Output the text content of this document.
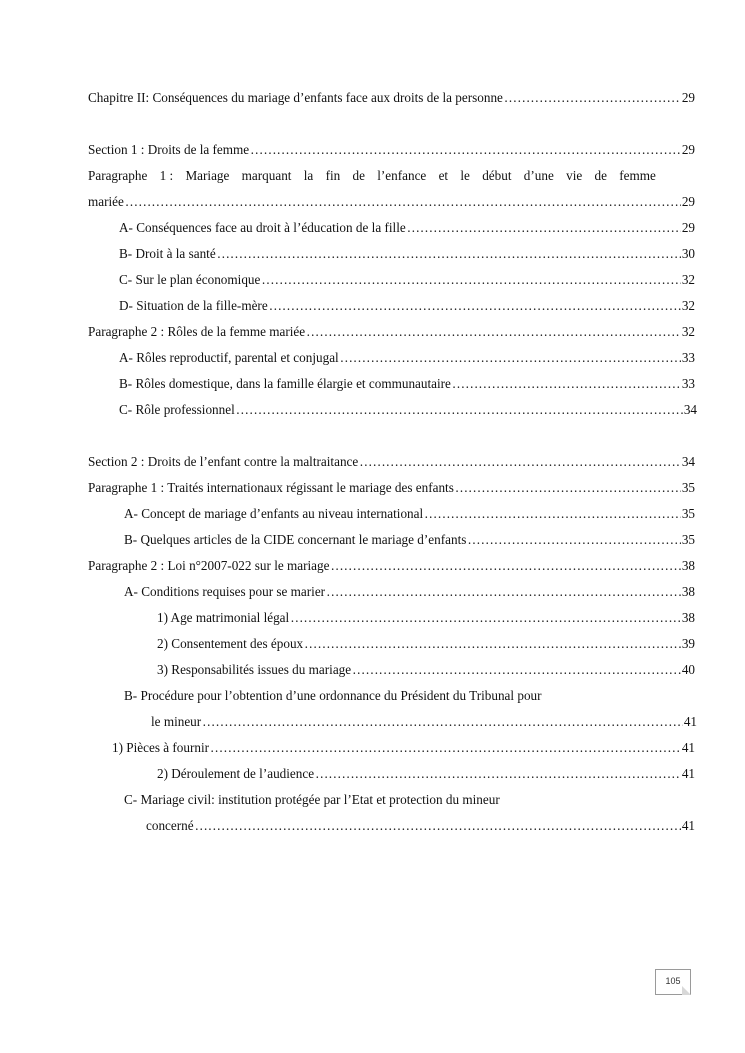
Chapitre II: Conséquences du mariage d’enfants face aux droits de la personne ……………………………………………………………………………………………………………………………………………………………………………………………………………	29
Section 1 : Droits de la femme ……………………………………………………………………………………………………………………………………………………………………………………………………………	29
Paragraphe 1 : Mariage marquant la fin de l’enfance et le début d’une vie de femme
mariée ……………………………………………………………………………………………………………………………………………………………………………………………………………	29
A- Conséquences face au droit à l’éducation de la fille ……………………………………………………………………………………………………………………………………………………………………………………………………………	29
B- Droit à la santé ……………………………………………………………………………………………………………………………………………………………………………………………………………	30
C- Sur le plan économique ……………………………………………………………………………………………………………………………………………………………………………………………………………	32
D- Situation de la fille-mère ……………………………………………………………………………………………………………………………………………………………………………………………………………	32
Paragraphe 2 : Rôles de la femme mariée ……………………………………………………………………………………………………………………………………………………………………………………………………………	32
A- Rôles reproductif, parental et conjugal ……………………………………………………………………………………………………………………………………………………………………………………………………………	33
B- Rôles domestique, dans la famille élargie et communautaire ……………………………………………………………………………………………………………………………………………………………………………………………………………	33
C- Rôle professionnel ……………………………………………………………………………………………………………………………………………………………………………………………………………	34
Section 2 : Droits de l’enfant contre la maltraitance ……………………………………………………………………………………………………………………………………………………………………………………………………………	34
Paragraphe 1 : Traités internationaux régissant le mariage des enfants ……………………………………………………………………………………………………………………………………………………………………………………………………………	35
A- Concept de mariage d’enfants au niveau international ……………………………………………………………………………………………………………………………………………………………………………………………………………	35
B- Quelques articles de la CIDE concernant le mariage d’enfants ……………………………………………………………………………………………………………………………………………………………………………………………………………	35
Paragraphe 2 : Loi n°2007-022 sur le mariage ……………………………………………………………………………………………………………………………………………………………………………………………………………	38
A- Conditions requises pour se marier ……………………………………………………………………………………………………………………………………………………………………………………………………………	38
1) Age matrimonial légal ……………………………………………………………………………………………………………………………………………………………………………………………………………	38
2) Consentement des époux ……………………………………………………………………………………………………………………………………………………………………………………………………………	39
3) Responsabilités issues du mariage ……………………………………………………………………………………………………………………………………………………………………………………………………………	40
B- Procédure pour l’obtention d’une ordonnance du Président du Tribunal pour
le mineur ……………………………………………………………………………………………………………………………………………………………………………………………………………	41
1) Pièces à fournir ……………………………………………………………………………………………………………………………………………………………………………………………………………	41
2) Déroulement de l’audience ……………………………………………………………………………………………………………………………………………………………………………………………………………	41
C- Mariage civil: institution protégée par l’Etat et protection du mineur
concerné ……………………………………………………………………………………………………………………………………………………………………………………………………………	41
105
